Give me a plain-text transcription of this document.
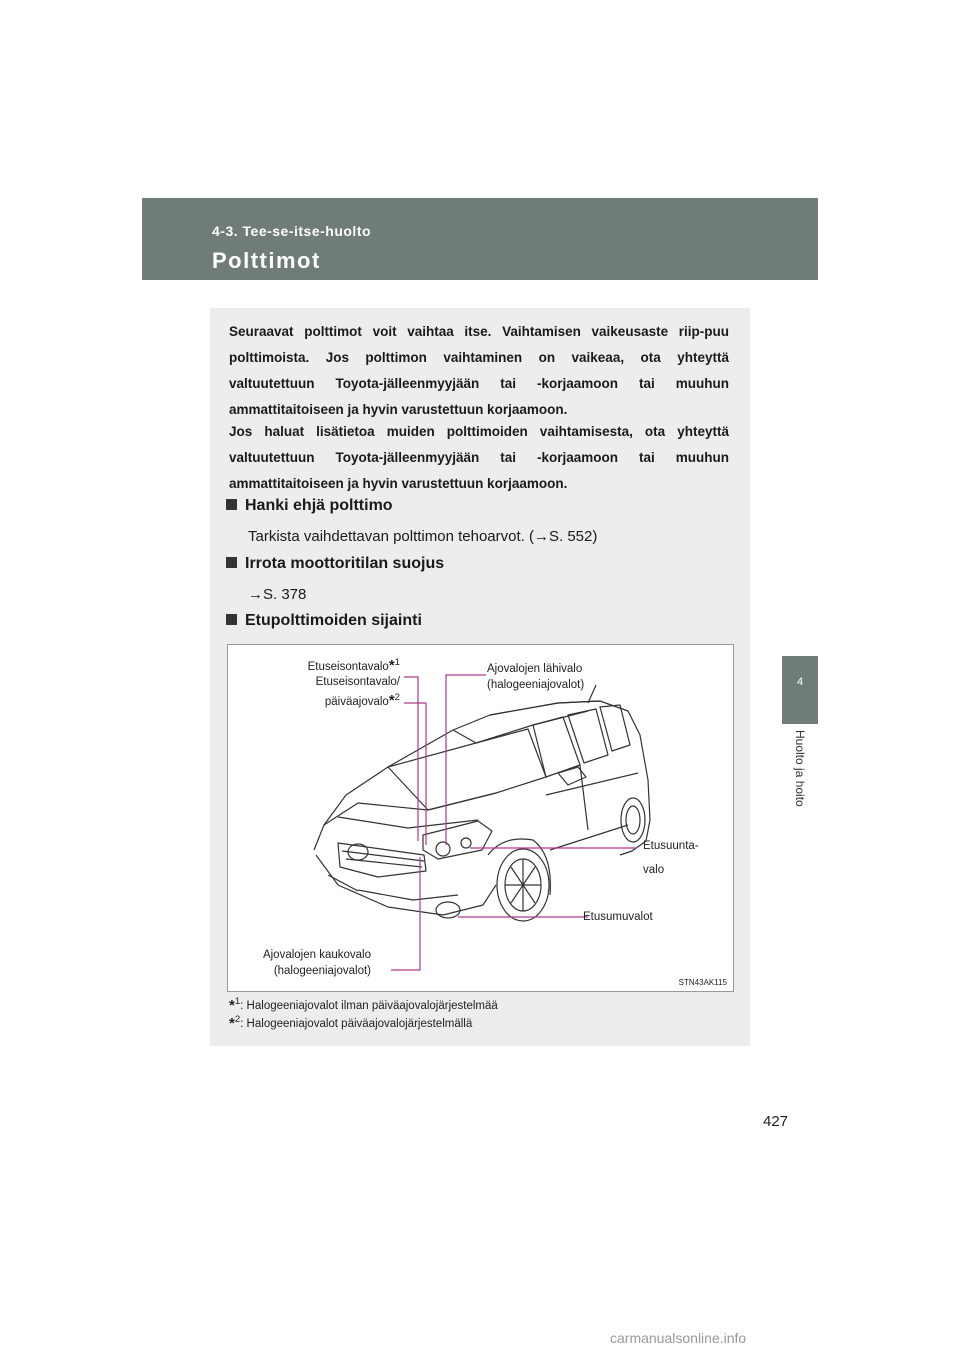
4-3. Tee-se-itse-huolto
Polttimot
4
Huolto ja hoito
Seuraavat polttimot voit vaihtaa itse. Vaihtamisen vaikeusaste riip-puu polttimoista. Jos polttimon vaihtaminen on vaikeaa, ota yhteyttä valtuutettuun Toyota-jälleenmyyjään tai -korjaamoon tai muuhun ammattitaitoiseen ja hyvin varustettuun korjaamoon.
Jos haluat lisätietoa muiden polttimoiden vaihtamisesta, ota yhteyttä valtuutettuun Toyota-jälleenmyyjään tai -korjaamoon tai muuhun ammattitaitoiseen ja hyvin varustettuun korjaamoon.
Hanki ehjä polttimo
Tarkista vaihdettavan polttimon tehoarvot. (→S. 552)
Irrota moottoritilan suojus
→S. 378
Etupolttimoiden sijainti
Etuseisontavalo*$^1$
Etuseisontavalo/
päiväajovalo*$^2$
Ajovalojen lähivalo
(halogeeniajovalot)
Etusuunta-
valo
Etusumuvalot
Ajovalojen kaukovalo
(halogeeniajovalot)
STN43AK115
*$^1$: Halogeeniajovalot ilman päiväajovalojärjestelmää
*$^2$: Halogeeniajovalot päiväajovalojärjestelmällä
427
carmanualsonline.info
